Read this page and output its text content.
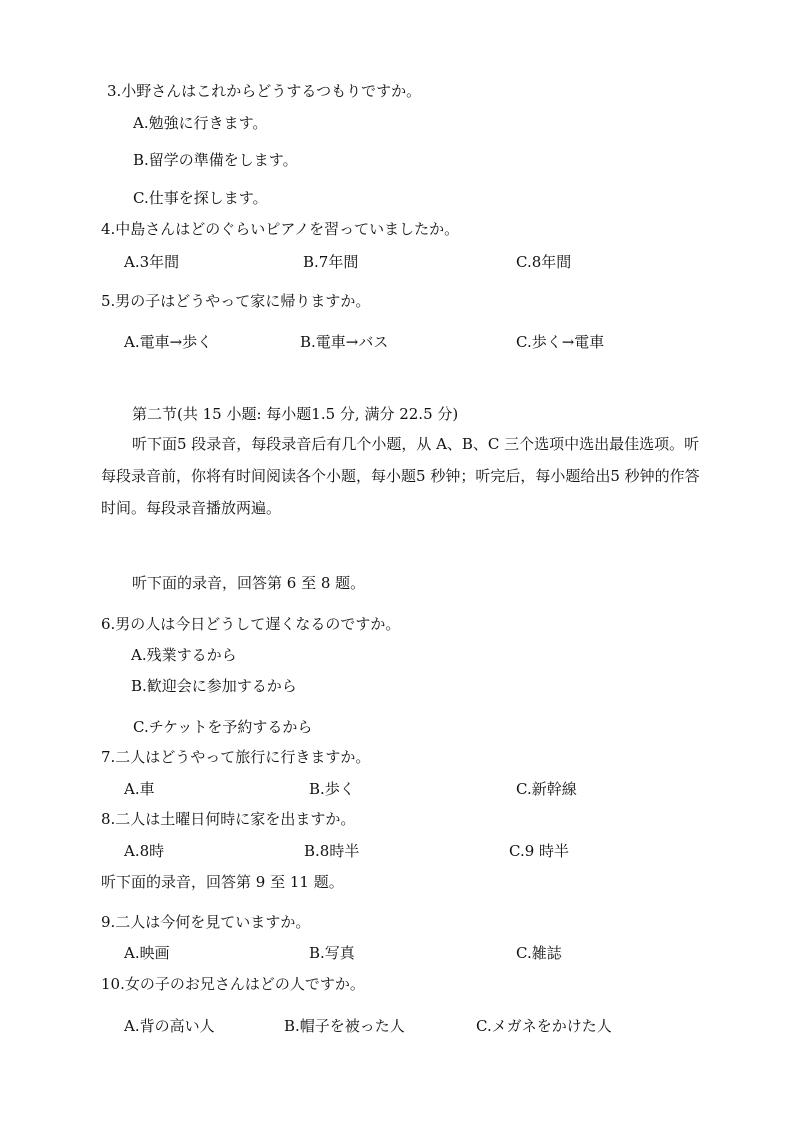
3.小野さんはこれからどうするつもりですか。
A.勉強に行きます。
B.留学の準備をします。
C.仕事を探します。
4.中島さんはどのぐらいピアノを習っていましたか。
A.3年間	B.7年間	C.8年間
5.男の子はどうやって家に帰りますか。
A.電車→歩く	B.電車→バス	C.歩く→電車
第二节(共 15 小题: 每小题1.5 分, 满分 22.5 分)
听下面5 段录音，每段录音后有几个小题，从 A、B、C 三个选项中选出最佳选项。听每段录音前，你将有时间阅读各个小题，每小题5 秒钟；听完后，每小题给出5 秒钟的作答时间。每段录音播放两遍。
听下面的录音，回答第 6 至 8 题。
6.男の人は今日どうして遅くなるのですか。
A.残業するから
B.歓迎会に参加するから
C.チケットを予約するから
7.二人はどうやって旅行に行きますか。
A.車	B.歩く	C.新幹線
8.二人は土曜日何時に家を出ますか。
A.8時	B.8時半	C.9 時半
听下面的录音，回答第 9 至 11 题。
9.二人は今何を見ていますか。
A.映画	B.写真	C.雑誌
10.女の子のお兄さんはどの人ですか。
A.背の高い人	B.帽子を被った人	C.メガネをかけた人
